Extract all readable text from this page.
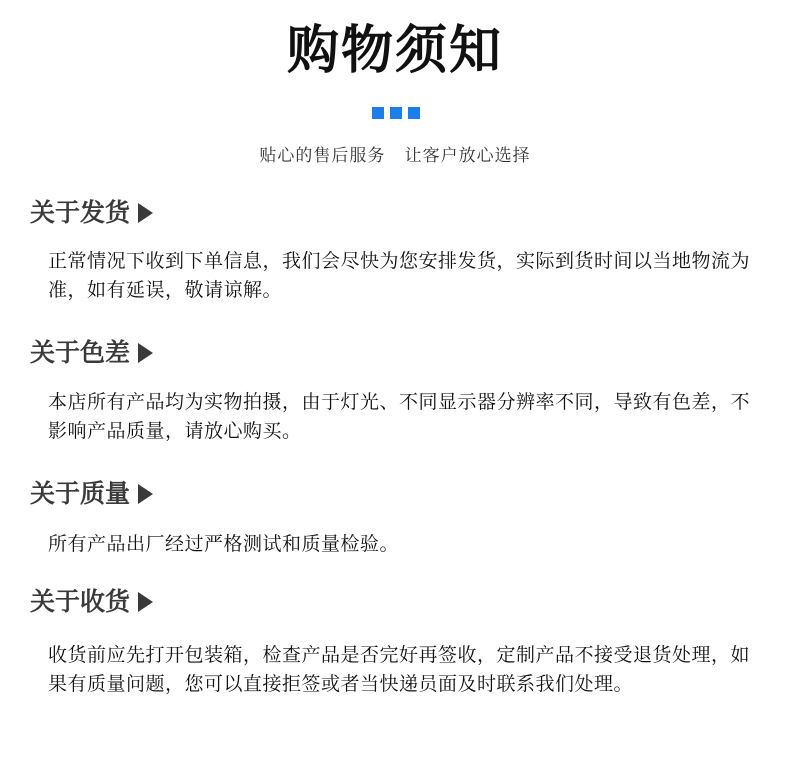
购物须知
贴心的售后服务   让客户放心选择
关于发货
正常情况下收到下单信息，我们会尽快为您安排发货，实际到货时间以当地物流为准，如有延误，敬请谅解。
关于色差
本店所有产品均为实物拍摄，由于灯光、不同显示器分辨率不同，导致有色差，不影响产品质量，请放心购买。
关于质量
所有产品出厂经过严格测试和质量检验。
关于收货
收货前应先打开包装箱，检查产品是否完好再签收，定制产品不接受退货处理，如果有质量问题，您可以直接拒签或者当快递员面及时联系我们处理。
